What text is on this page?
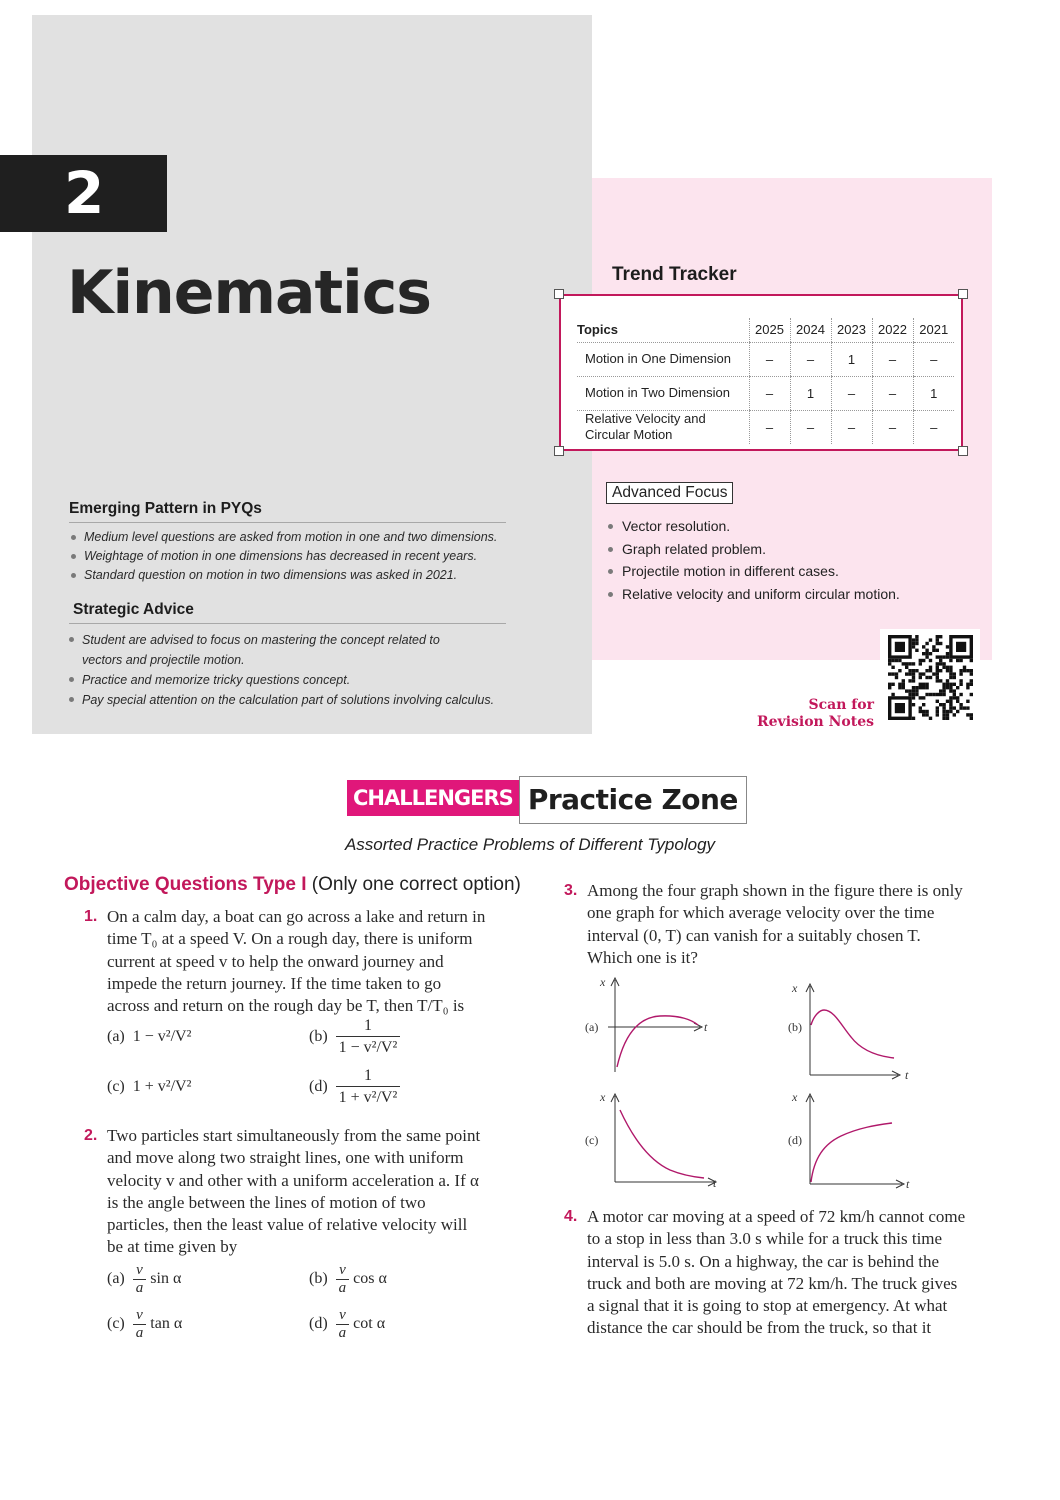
2
Kinematics
Emerging Pattern in PYQs
Medium level questions are asked from motion in one and two dimensions.
Weightage of motion in one dimensions has decreased in recent years.
Standard question on motion in two dimensions was asked in 2021.
Strategic Advice
Student are advised to focus on mastering the concept related to
vectors and projectile motion.
Practice and memorize tricky questions concept.
Pay special attention on the calculation part of solutions involving calculus.
Trend Tracker
Topics	2025	2024	2023	2022	2021
Motion in One Dimension	–	–	1	–	–
Motion in Two Dimension	–	1	–	–	1
Relative Velocity and
Circular Motion	–	–	–	–	–
Advanced Focus
Vector resolution.
Graph related problem.
Projectile motion in different cases.
Relative velocity and uniform circular motion.
Scan for
Revision Notes
CHALLENGERS Practice Zone
Assorted Practice Problems of Different Typology
Objective Questions Type I (Only one correct option)
1. On a calm day, a boat can go across a lake and return in
time T₀ at a speed V. On a rough day, there is uniform
current at speed v to help the onward journey and
impede the return journey. If the time taken to go
across and return on the rough day be T, then T/T₀ is
(a) 1 − v²/V²	$(b) \frac{1}{\text{1 − v²/V²}}$
(c) 1 + v²/V²	$(d) \frac{1}{\text{1 + v²/V²}}$
2. Two particles start simultaneously from the same point
and move along two straight lines, one with uniform
velocity v and other with a uniform acceleration a. If α
is the angle between the lines of motion of two
particles, then the least value of relative velocity will
be at time given by
$(a) \frac{v}{a}$ sin α	$(b) \frac{v}{a}$ cos α
$(c) \frac{v}{a}$ tan α	$(d) \frac{v}{a}$ cot α
3. Among the four graph shown in the figure there is only
one graph for which average velocity over the time
interval (0, T) can vanish for a suitably chosen T.
Which one is it?
x
t
(a)
x
t
(b)
x
t
(c)
x
t
(d)
4. A motor car moving at a speed of 72 km/h cannot come
to a stop in less than 3.0 s while for a truck this time
interval is 5.0 s. On a highway, the car is behind the
truck and both are moving at 72 km/h. The truck gives
a signal that it is going to stop at emergency. At what
distance the car should be from the truck, so that it
